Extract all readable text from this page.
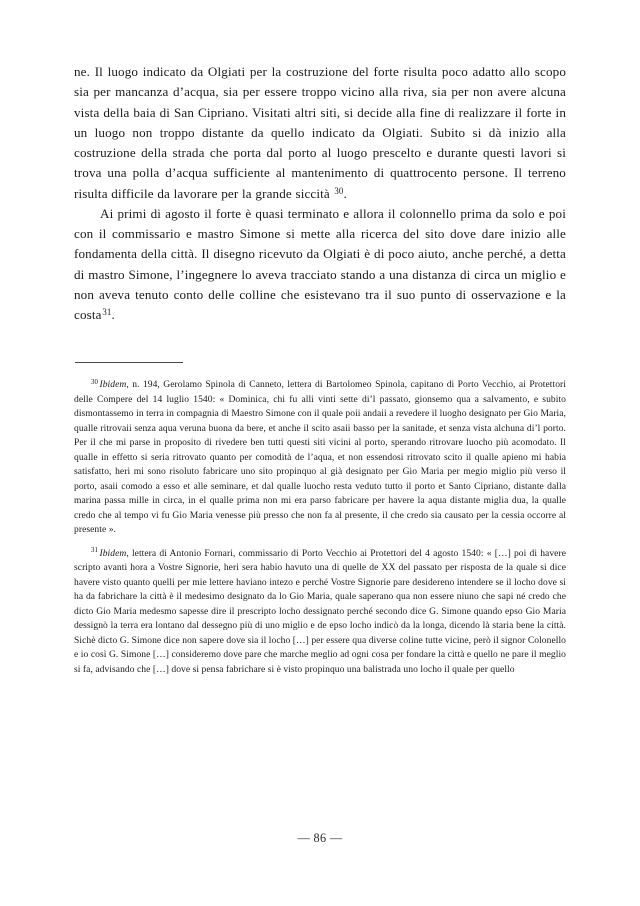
ne. Il luogo indicato da Olgiati per la costruzione del forte risulta poco adatto allo scopo sia per mancanza d’acqua, sia per essere troppo vicino alla riva, sia per non avere alcuna vista della baia di San Cipriano. Visitati altri siti, si decide alla fine di realizzare il forte in un luogo non troppo distante da quello indicato da Olgiati. Subito si dà inizio alla costruzione della strada che porta dal porto al luogo prescelto e durante questi lavori si trova una polla d’acqua sufficiente al mantenimento di quattrocento persone. Il terreno risulta difficile da lavorare per la grande siccità $^{30}$.

Ai primi di agosto il forte è quasi terminato e allora il colonnello prima da solo e poi con il commissario e mastro Simone si mette alla ricerca del sito dove dare inizio alle fondamenta della città. Il disegno ricevuto da Olgiati è di poco aiuto, anche perché, a detta di mastro Simone, l’ingegnere lo aveva tracciato stando a una distanza di circa un miglio e non aveva tenuto conto delle colline che esistevano tra il suo punto di osservazione e la costa$^{31}$.

$^{30}$ Ibidem, n. 194, Gerolamo Spinola di Canneto, lettera di Bartolomeo Spinola, capitano di Porto Vecchio, ai Protettori delle Compere del 14 luglio 1540: « Dominica, chi fu alli vinti sette di’l passato, gionsemo qua a salvamento, e subito dismontassemo in terra in compagnia di Maestro Simone con il quale poii andaii a revedere il luogho designato per Gio Maria, qualle ritrovaii senza aqua veruna buona da bere, et anche il scito asaii basso per la sanitade, et senza vista alchuna di’l porto. Per il che mi parse in proposito di rivedere ben tutti questi siti vicini al porto, sperando ritrovare luocho più acomodato. Il qualle in effetto si seria ritrovato quanto per comodità de l’aqua, et non essendosi ritrovato scito il qualle apieno mi habia satisfatto, heri mi sono risoluto fabricare uno sito propinquo al già designato per Gio Maria per megio miglio più verso il porto, asaii comodo a esso et alle seminare, et dal qualle luocho resta veduto tutto il porto et Santo Cipriano, distante dalla marina passa mille in circa, in el qualle prima non mi era parso fabricare per havere la aqua distante miglia dua, la qualle credo che al tempo vi fu Gio Maria venesse più presso che non fa al presente, il che credo sia causato per la cessia occorre al presente ».

$^{31}$ Ibidem, lettera di Antonio Fornari, commissario di Porto Vecchio ai Protettori del 4 agosto 1540: « […] poi di havere scripto avanti hora a Vostre Signorie, heri sera habio havuto una di quelle de XX del passato per risposta de la quale si dice havere visto quanto quelli per mie lettere haviano intezo e perché Vostre Signorie pare desidereno intendere se il locho dove si ha da fabrichare la città è il medesimo designato da lo Gio Maria, quale saperano qua non essere niuno che sapi né credo che dicto Gio Maria medesmo sapesse dire il prescripto locho dessignato perché secondo dice G. Simone quando epso Gio Maria dessignò la terra era lontano dal dessegno più di uno miglio e de epso locho indicò da la longa, dicendo là staria bene la città. Sichè dicto G. Simone dice non sapere dove sia il locho […] per essere qua diverse coline tutte vicine, però il signor Colonello e io così G. Simone […] consideremo dove pare che marche meglio ad ogni cosa per fondare la città e quello ne pare il meglio si fa, advisando che […] dove si pensa fabrichare si è visto propinquo una balistrada uno locho il quale per quello

— 86 —
